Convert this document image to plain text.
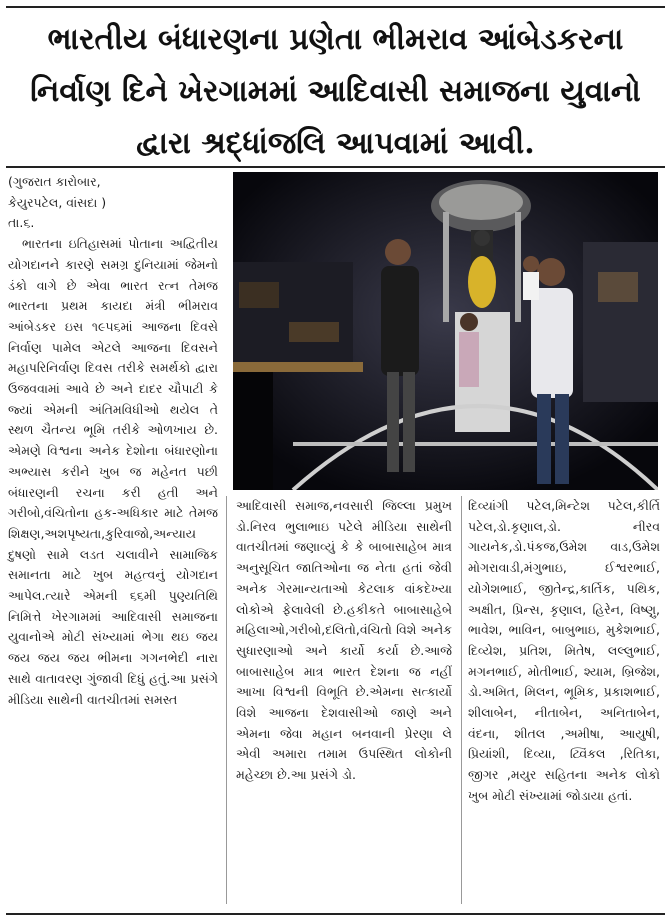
ભારતીય બંધારણના પ્રણેતા ભીમરાવ આંબેડકરના
નિર્વાણ દિને ખેરગામમાં આદિવાસી સમાજના યુવાનો
દ્વારા શ્રદ્ધાંજલિ આપવામાં આવી.
(ગુજરાત કારોબાર,
કેયુરપટેલ, વાંસદા )
તા.૬.

ભારતના ઇતિહાસમાં પોતાના અદ્વિતીય યોગદાનને કારણે સમગ્ર દુનિયામાં જેમનો ડંકો વાગે છે એવા ભારત રત્ન તેમજ ભારતના પ્રથમ કાયદા મંત્રી ભીમરાવ આંબેડકર ઇસ ૧૯૫૬માં આજના દિવસે નિર્વાણ પામેલ એટલે આજના દિવસને મહાપરિનિર્વાણ દિવસ તરીકે સમર્થકો દ્વારા ઉજવવામાં આવે છે અને દાદર ચૌપાટી કે જ્યાં એમની અંતિમવિધીઓ થયેલ તે સ્થળ ચૈતન્ય ભૂમિ તરીકે ઓળખાય છે. એમણે વિશ્વના અનેક દેશોના બંધારણોના અભ્યાસ કરીને ખુબ જ મહેનત પછી બંધારણની રચના કરી હતી અને ગરીબો,વંચિતોના હક-અધિકાર માટે તેમજ શિક્ષણ,અશપૃષ્યતા,કુરિવાજો,અન્યાય દુષણો સામે લડત ચલાવીને સામાજિક સમાનતા માટે ખુબ મહત્વનું યોગદાન આપેલ.ત્યારે એમની ૬૬મી પુણ્યતિથિ નિમિત્તે ખેરગામમાં આદિવાસી સમાજના યુવાનોએ મોટી સંખ્યામાં ભેગા થઇ જય જય જય જય ભીમના ગગનભેદી નારા સાથે વાતાવરણ ગુંજાવી દિધું હતું.આ પ્રસંગે મીડિયા સાથેની વાતચીતમાં સમસ્ત

આદિવાસી સમાજ,નવસારી જિલ્લા પ્રમુખ ડો.નિરવ ભુલાભાઇ પટેલે મીડિયા સાથેની વાતચીતમાં જણાવ્યું કે કે બાબાસાહેબ માત્ર અનુસૂચિત જાતિઓના જ નેતા હતાં જેવી અનેક ગેરમાન્યતાઓ કેટલાક વાંકદેખ્યા લોકોએ ફેલાવેલી છે.હકીકતે બાબાસાહેબે મહિલાઓ,ગરીબો,દલિતો,વંચિતો વિશે અનેક સુધારણાઓ અને કાર્યો કર્યા છે.આજે બાબાસાહેબ માત્ર ભારત દેશના જ નહીં આખા વિશ્વની વિભૂતિ છે.એમના સત્કાર્યો વિશે આજના દેશવાસીઓ જાણે અને એમના જેવા મહાન બનવાની પ્રેરણા લે એવી અમારા તમામ ઉપસ્થિત લોકોની મહેચ્છા છે.આ પ્રસંગે ડો.

દિવ્યાંગી પટેલ,મિન્ટેશ પટેલ,કીર્તિ પટેલ,ડો.કૃણાલ,ડો. નીરવ ગાયનેક,ડો.પંકજ,ઉમેશ વાડ,ઉમેશ મોગરાવાડી,મંગુભાઇ, ઈશ્વરભાઈ, યોગેશભાઈ, જીતેન્દ્ર,કાર્તિક, પથિક, અક્ષીત, પ્રિન્સ, કૃણાલ, હિરેન, વિષ્ણુ, ભાવેશ, ભાવિન, બાબુભાઇ, મુકેશભાઈ, દિવ્યેશ, પ્રતિશ, મિતેષ, લલ્લુભાઈ, મગનભાઈ, મોતીભાઈ, શ્યામ, બ્રિજેશ, ડો.અમિત, મિલન, ભૂમિક, પ્રકાશભાઈ, શીલાબેન, નીતાબેન, અનિતાબેન, વંદના, શીતલ ,અમીષા, આયુષી, પ્રિયાંશી, દિવ્યા, ટ્વિંકલ ,રિતિકા, જીગર ,મયુર સહિતના અનેક લોકો ખુબ મોટી સંખ્યામાં જોડાયા હતાં.
